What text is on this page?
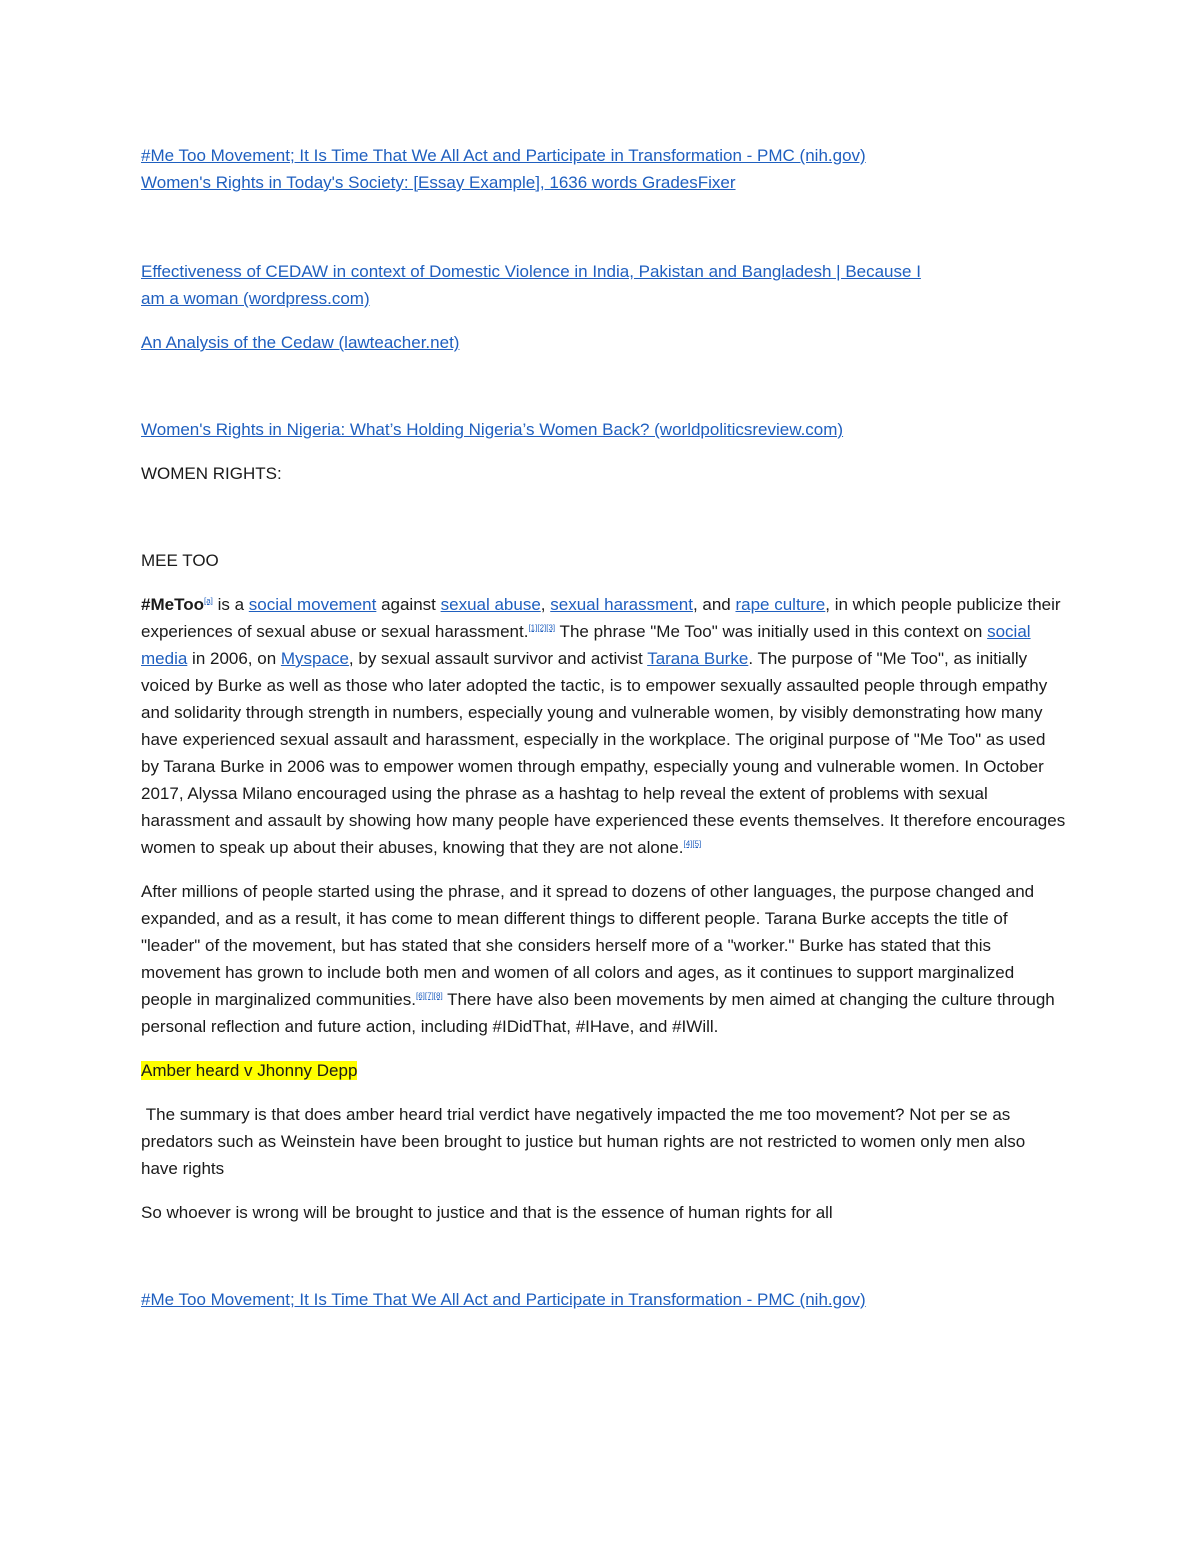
#Me Too Movement; It Is Time That We All Act and Participate in Transformation - PMC (nih.gov)
Women's Rights in Today's Society: [Essay Example], 1636 words GradesFixer

Effectiveness of CEDAW in context of Domestic Violence in India, Pakistan and Bangladesh | Because I
am a woman (wordpress.com)

An Analysis of the Cedaw (lawteacher.net)

Women's Rights in Nigeria: What’s Holding Nigeria’s Women Back? (worldpoliticsreview.com)

WOMEN RIGHTS:

MEE TOO

#MeToo[a] is a social movement against sexual abuse, sexual harassment, and rape culture, in which people publicize their experiences of sexual abuse or sexual harassment.[1][2][3] The phrase "Me Too" was initially used in this context on social media in 2006, on Myspace, by sexual assault survivor and activist Tarana Burke. The purpose of "Me Too", as initially voiced by Burke as well as those who later adopted the tactic, is to empower sexually assaulted people through empathy and solidarity through strength in numbers, especially young and vulnerable women, by visibly demonstrating how many have experienced sexual assault and harassment, especially in the workplace. The original purpose of "Me Too" as used by Tarana Burke in 2006 was to empower women through empathy, especially young and vulnerable women. In October 2017, Alyssa Milano encouraged using the phrase as a hashtag to help reveal the extent of problems with sexual harassment and assault by showing how many people have experienced these events themselves. It therefore encourages women to speak up about their abuses, knowing that they are not alone.[4][5]

After millions of people started using the phrase, and it spread to dozens of other languages, the purpose changed and expanded, and as a result, it has come to mean different things to different people. Tarana Burke accepts the title of "leader" of the movement, but has stated that she considers herself more of a "worker." Burke has stated that this movement has grown to include both men and women of all colors and ages, as it continues to support marginalized people in marginalized communities.[6][7][8] There have also been movements by men aimed at changing the culture through personal reflection and future action, including #IDidThat, #IHave, and #IWill.

Amber heard v Jhonny Depp

The summary is that does amber heard trial verdict have negatively impacted the me too movement? Not per se as predators such as Weinstein have been brought to justice but human rights are not restricted to women only men also have rights

So whoever is wrong will be brought to justice and that is the essence of human rights for all

#Me Too Movement; It Is Time That We All Act and Participate in Transformation - PMC (nih.gov)
